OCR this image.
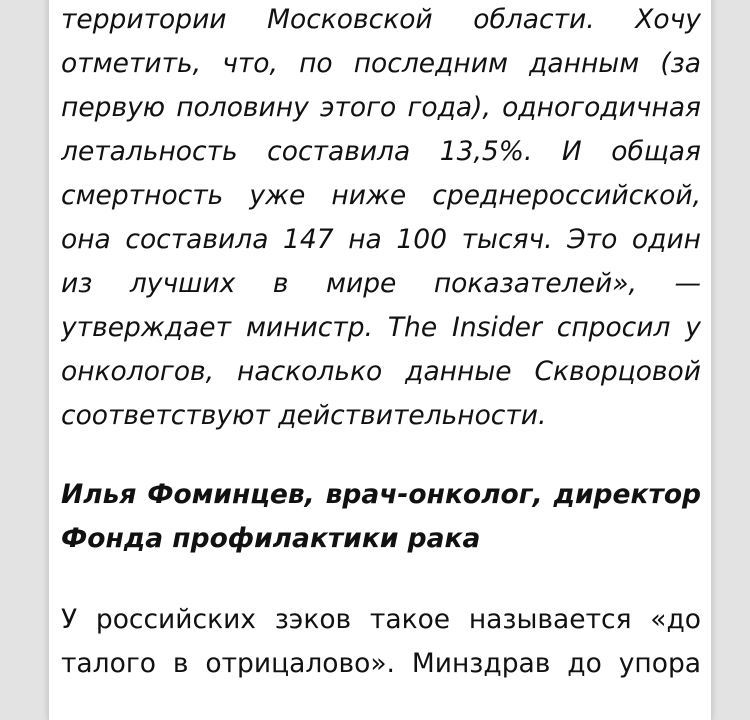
территории Московской области. Хочу
отметить, что, по последним данным (за
первую половину этого года), одногодичная
летальность составила 13,5%. И общая
смертность уже ниже среднероссийской,
она составила 147 на 100 тысяч. Это один
из лучших в мире показателей», —
утверждает министр. The Insider спросил у
онкологов, насколько данные Скворцовой
соответствуют действительности.
Илья Фоминцев, врач-онколог, директор
Фонда профилактики рака
У российских зэков такое называется «до
талого в отрицалово». Минздрав до упора
